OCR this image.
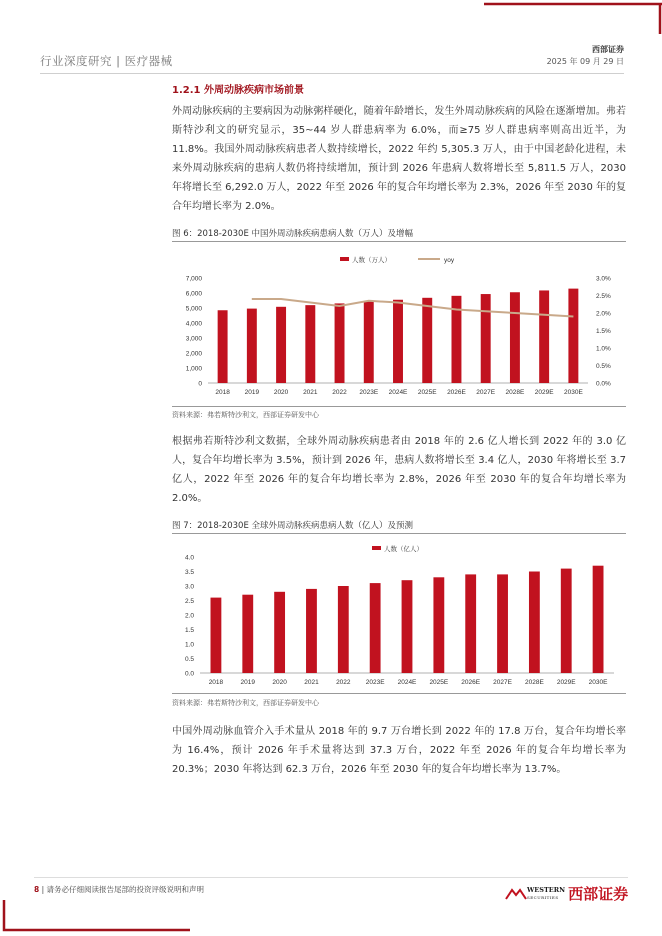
行业深度研究 | 医疗器械
西部证券
2025 年 09 月 29 日
1.2.1 外周动脉疾病市场前景
外周动脉疾病的主要病因为动脉粥样硬化，随着年龄增长，发生外周动脉疾病的风险在逐渐增加。弗若斯特沙利文的研究显示，35~44 岁人群患病率为 6.0%，而≥75 岁人群患病率则高出近半，为 11.8%。我国外周动脉疾病患者人数持续增长，2022 年约 5,305.3 万人，由于中国老龄化进程，未来外周动脉疾病的患病人数仍将持续增加，预计到 2026 年患病人数将增长至 5,811.5 万人，2030 年将增长至 6,292.0 万人，2022 年至 2026 年的复合年均增长率为 2.3%，2026 年至 2030 年的复合年均增长率为 2.0%。
图 6：2018-2030E 中国外周动脉疾病患病人数（万人）及增幅
人数（万人）	yoy
0
1,000
2,000
3,000
4,000
5,000
6,000
7,000
0.0%
0.5%
1.0%
1.5%
2.0%
2.5%
3.0%
2018 2019 2020 2021 2022 2023E 2024E 2025E 2026E 2027E 2028E 2029E 2030E
资料来源：弗若斯特沙利文，西部证券研发中心
根据弗若斯特沙利文数据，全球外周动脉疾病患者由 2018 年的 2.6 亿人增长到 2022 年的 3.0 亿人，复合年均增长率为 3.5%，预计到 2026 年，患病人数将增长至 3.4 亿人，2030 年将增长至 3.7 亿人，2022 年至 2026 年的复合年均增长率为 2.8%，2026 年至 2030 年的复合年均增长率为 2.0%。
图 7：2018-2030E 全球外周动脉疾病患病人数（亿人）及预测
人数（亿人）
0.0
0.5
1.0
1.5
2.0
2.5
3.0
3.5
4.0
2018	2019	2020	2021	2022 2023E 2024E 2025E 2026E 2027E 2028E 2029E 2030E
资料来源：弗若斯特沙利文，西部证券研发中心
中国外周动脉血管介入手术量从 2018 年的 9.7 万台增长到 2022 年的 17.8 万台，复合年均增长率为 16.4%，预计 2026 年手术量将达到 37.3 万台，2022 年至 2026 年的复合年均增长率为 20.3%；2030 年将达到 62.3 万台，2026 年至 2030 年的复合年均增长率为 13.7%。
8 | 请务必仔细阅读报告尾部的投资评级说明和声明	WESTERN
SECURITIES 西部证券
